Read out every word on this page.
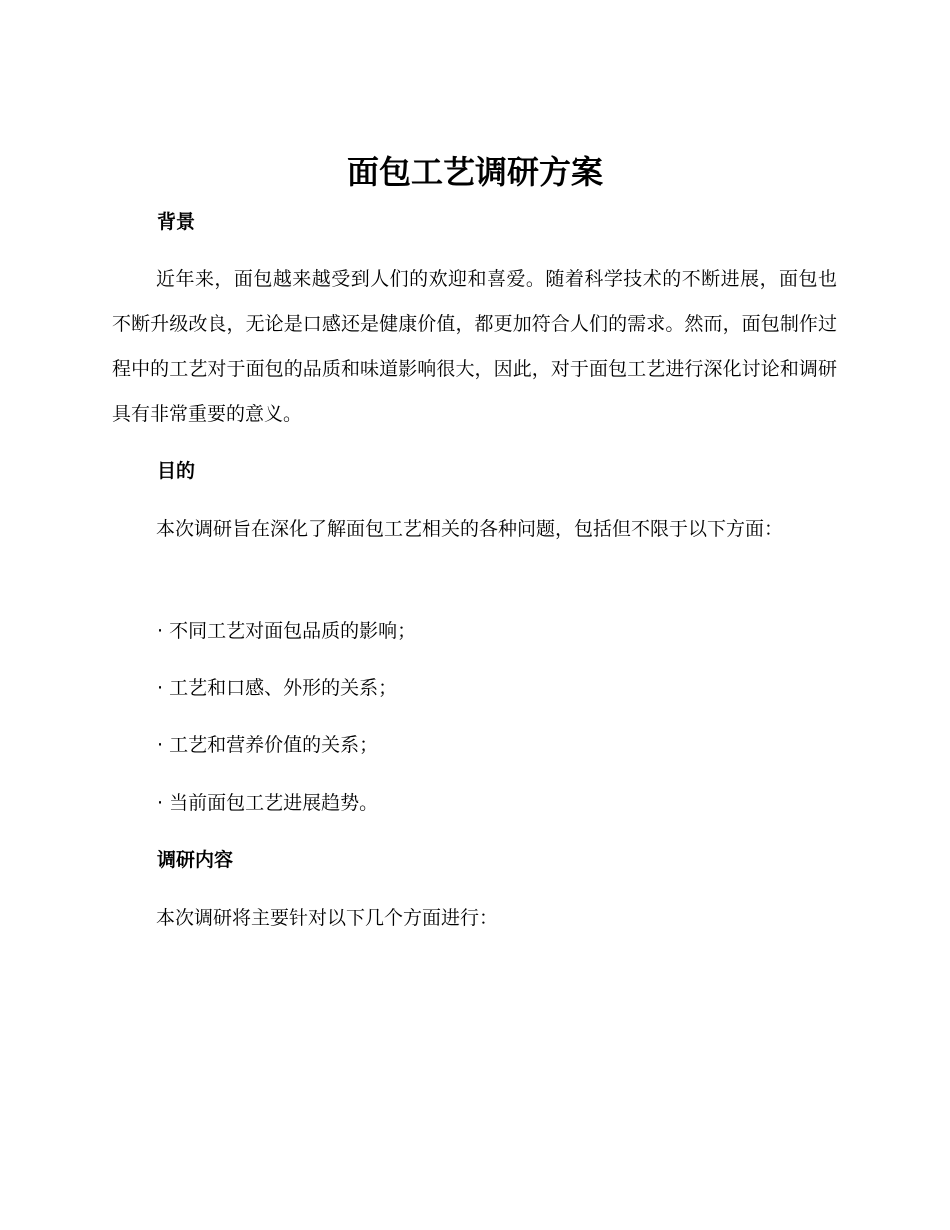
面包工艺调研方案
背景

近年来，面包越来越受到人们的欢迎和喜爱。随着科学技术的不断进展，面包也不断升级改良，无论是口感还是健康价值，都更加符合人们的需求。然而，面包制作过程中的工艺对于面包的品质和味道影响很大，因此，对于面包工艺进行深化讨论和调研具有非常重要的意义。

目的

本次调研旨在深化了解面包工艺相关的各种问题，包括但不限于以下方面：

· 不同工艺对面包品质的影响；

· 工艺和口感、外形的关系；

· 工艺和营养价值的关系；

· 当前面包工艺进展趋势。

调研内容

本次调研将主要针对以下几个方面进行：
